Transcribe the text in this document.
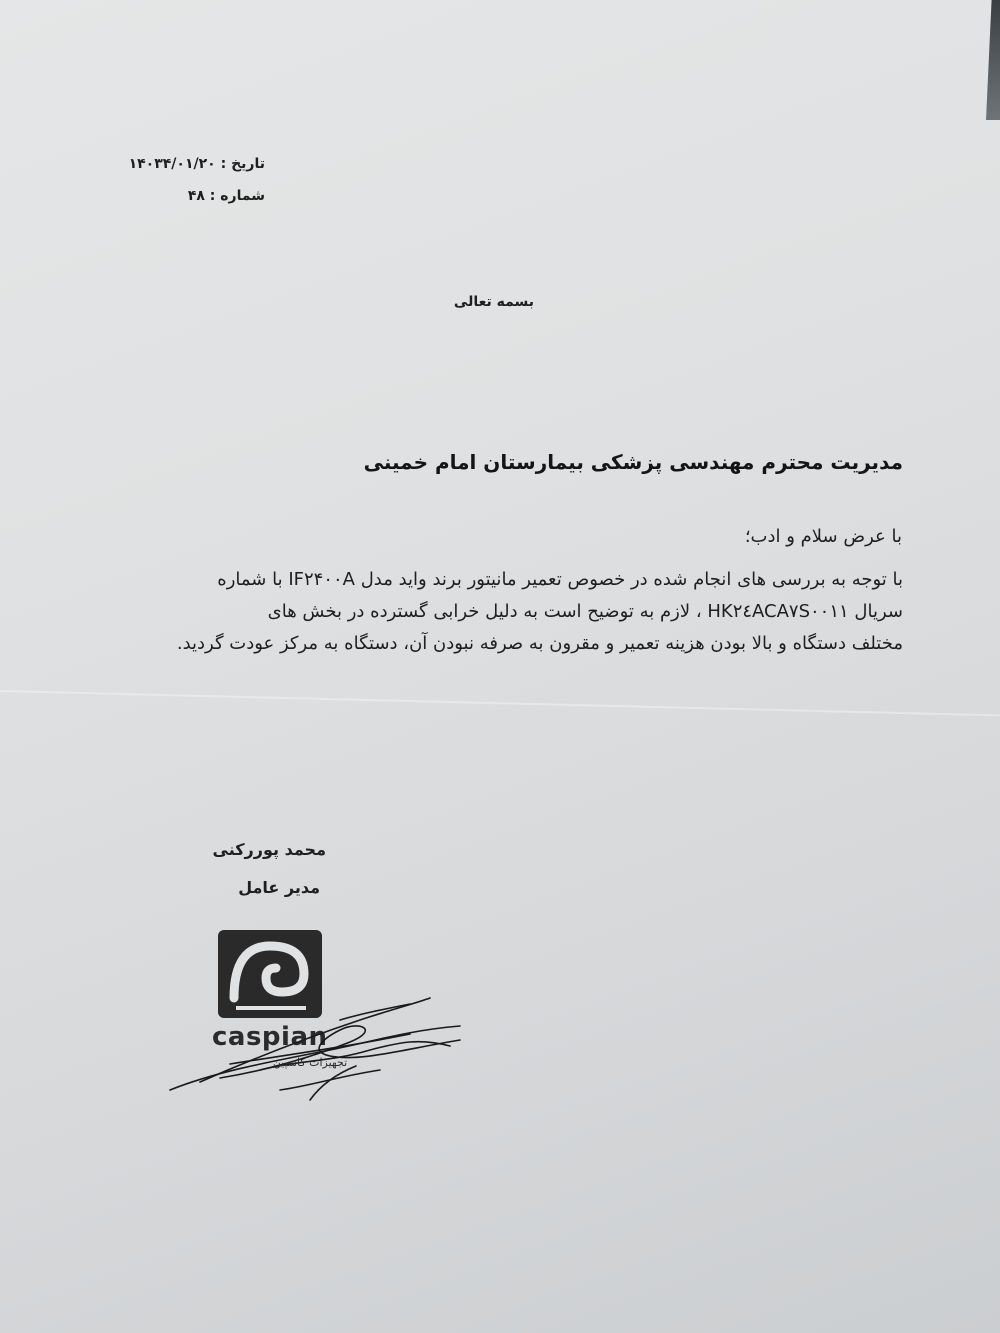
تاریخ : ۱۴۰۳۴/۰۱/۲۰
شماره : ۴۸
بسمه تعالی
مدیریت محترم مهندسی پزشکی بیمارستان امام خمینی
با عرض سلام و ادب؛
با توجه به بررسی های انجام شده در خصوص تعمیر مانیتور برند واید مدل IF۲۴۰۰A با شماره
سریال HK۲٤ACA۷S۰۰۱۱ ، لازم به توضیح است به دلیل خرابی گسترده در بخش های
مختلف دستگاه و بالا بودن هزینه تعمیر و مقرون به صرفه نبودن آن، دستگاه به مرکز عودت گردید.
محمد پوررکنی
مدیر عامل
caspian
تجهیزات کاسپین
